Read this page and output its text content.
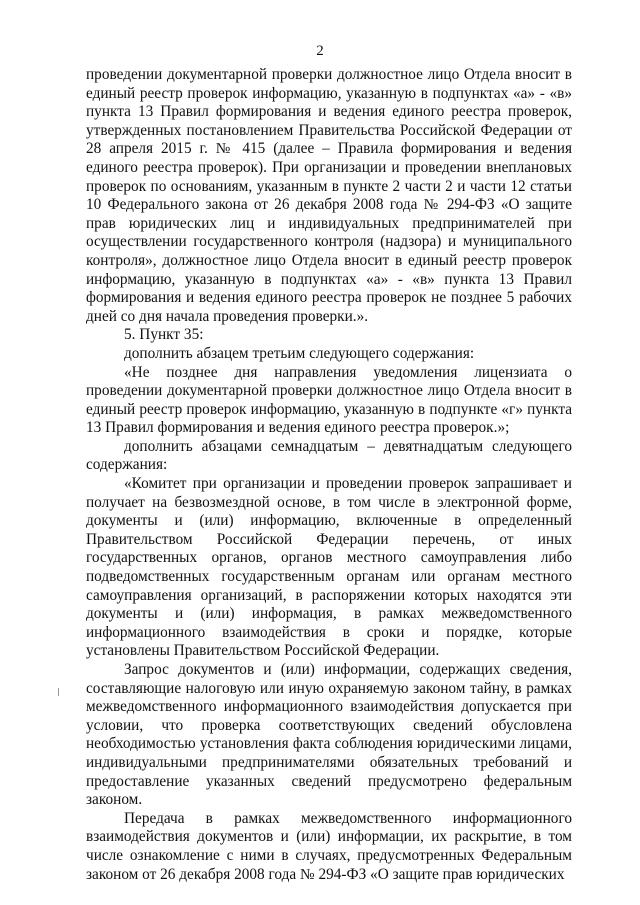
2

проведении документарной проверки должностное лицо Отдела вносит в единый реестр проверок информацию, указанную в подпунктах «а» - «в» пункта 13 Правил формирования и ведения единого реестра проверок, утвержденных постановлением Правительства Российской Федерации от 28 апреля 2015 г. № 415 (далее – Правила формирования и ведения единого реестра проверок). При организации и проведении внеплановых проверок по основаниям, указанным в пункте 2 части 2 и части 12 статьи 10 Федерального закона от 26 декабря 2008 года № 294-ФЗ «О защите прав юридических лиц и индивидуальных предпринимателей при осуществлении государственного контроля (надзора) и муниципального контроля», должностное лицо Отдела вносит в единый реестр проверок информацию, указанную в подпунктах «а» - «в» пункта 13 Правил формирования и ведения единого реестра проверок не позднее 5 рабочих дней со дня начала проведения проверки.».

5. Пункт 35:

дополнить абзацем третьим следующего содержания:

«Не позднее дня направления уведомления лицензиата о проведении документарной проверки должностное лицо Отдела вносит в единый реестр проверок информацию, указанную в подпункте «г» пункта 13 Правил формирования и ведения единого реестра проверок.»;

дополнить абзацами семнадцатым – девятнадцатым следующего содержания:

«Комитет при организации и проведении проверок запрашивает и получает на безвозмездной основе, в том числе в электронной форме, документы и (или) информацию, включенные в определенный Правительством Российской Федерации перечень, от иных государственных органов, органов местного самоуправления либо подведомственных государственным органам или органам местного самоуправления организаций, в распоряжении которых находятся эти документы и (или) информация, в рамках межведомственного информационного взаимодействия в сроки и порядке, которые установлены Правительством Российской Федерации.

Запрос документов и (или) информации, содержащих сведения, составляющие налоговую или иную охраняемую законом тайну, в рамках межведомственного информационного взаимодействия допускается при условии, что проверка соответствующих сведений обусловлена необходимостью установления факта соблюдения юридическими лицами, индивидуальными предпринимателями обязательных требований и предоставление указанных сведений предусмотрено федеральным законом.

Передача в рамках межведомственного информационного взаимодействия документов и (или) информации, их раскрытие, в том числе ознакомление с ними в случаях, предусмотренных Федеральным законом от 26 декабря 2008 года № 294-ФЗ «О защите прав юридических
